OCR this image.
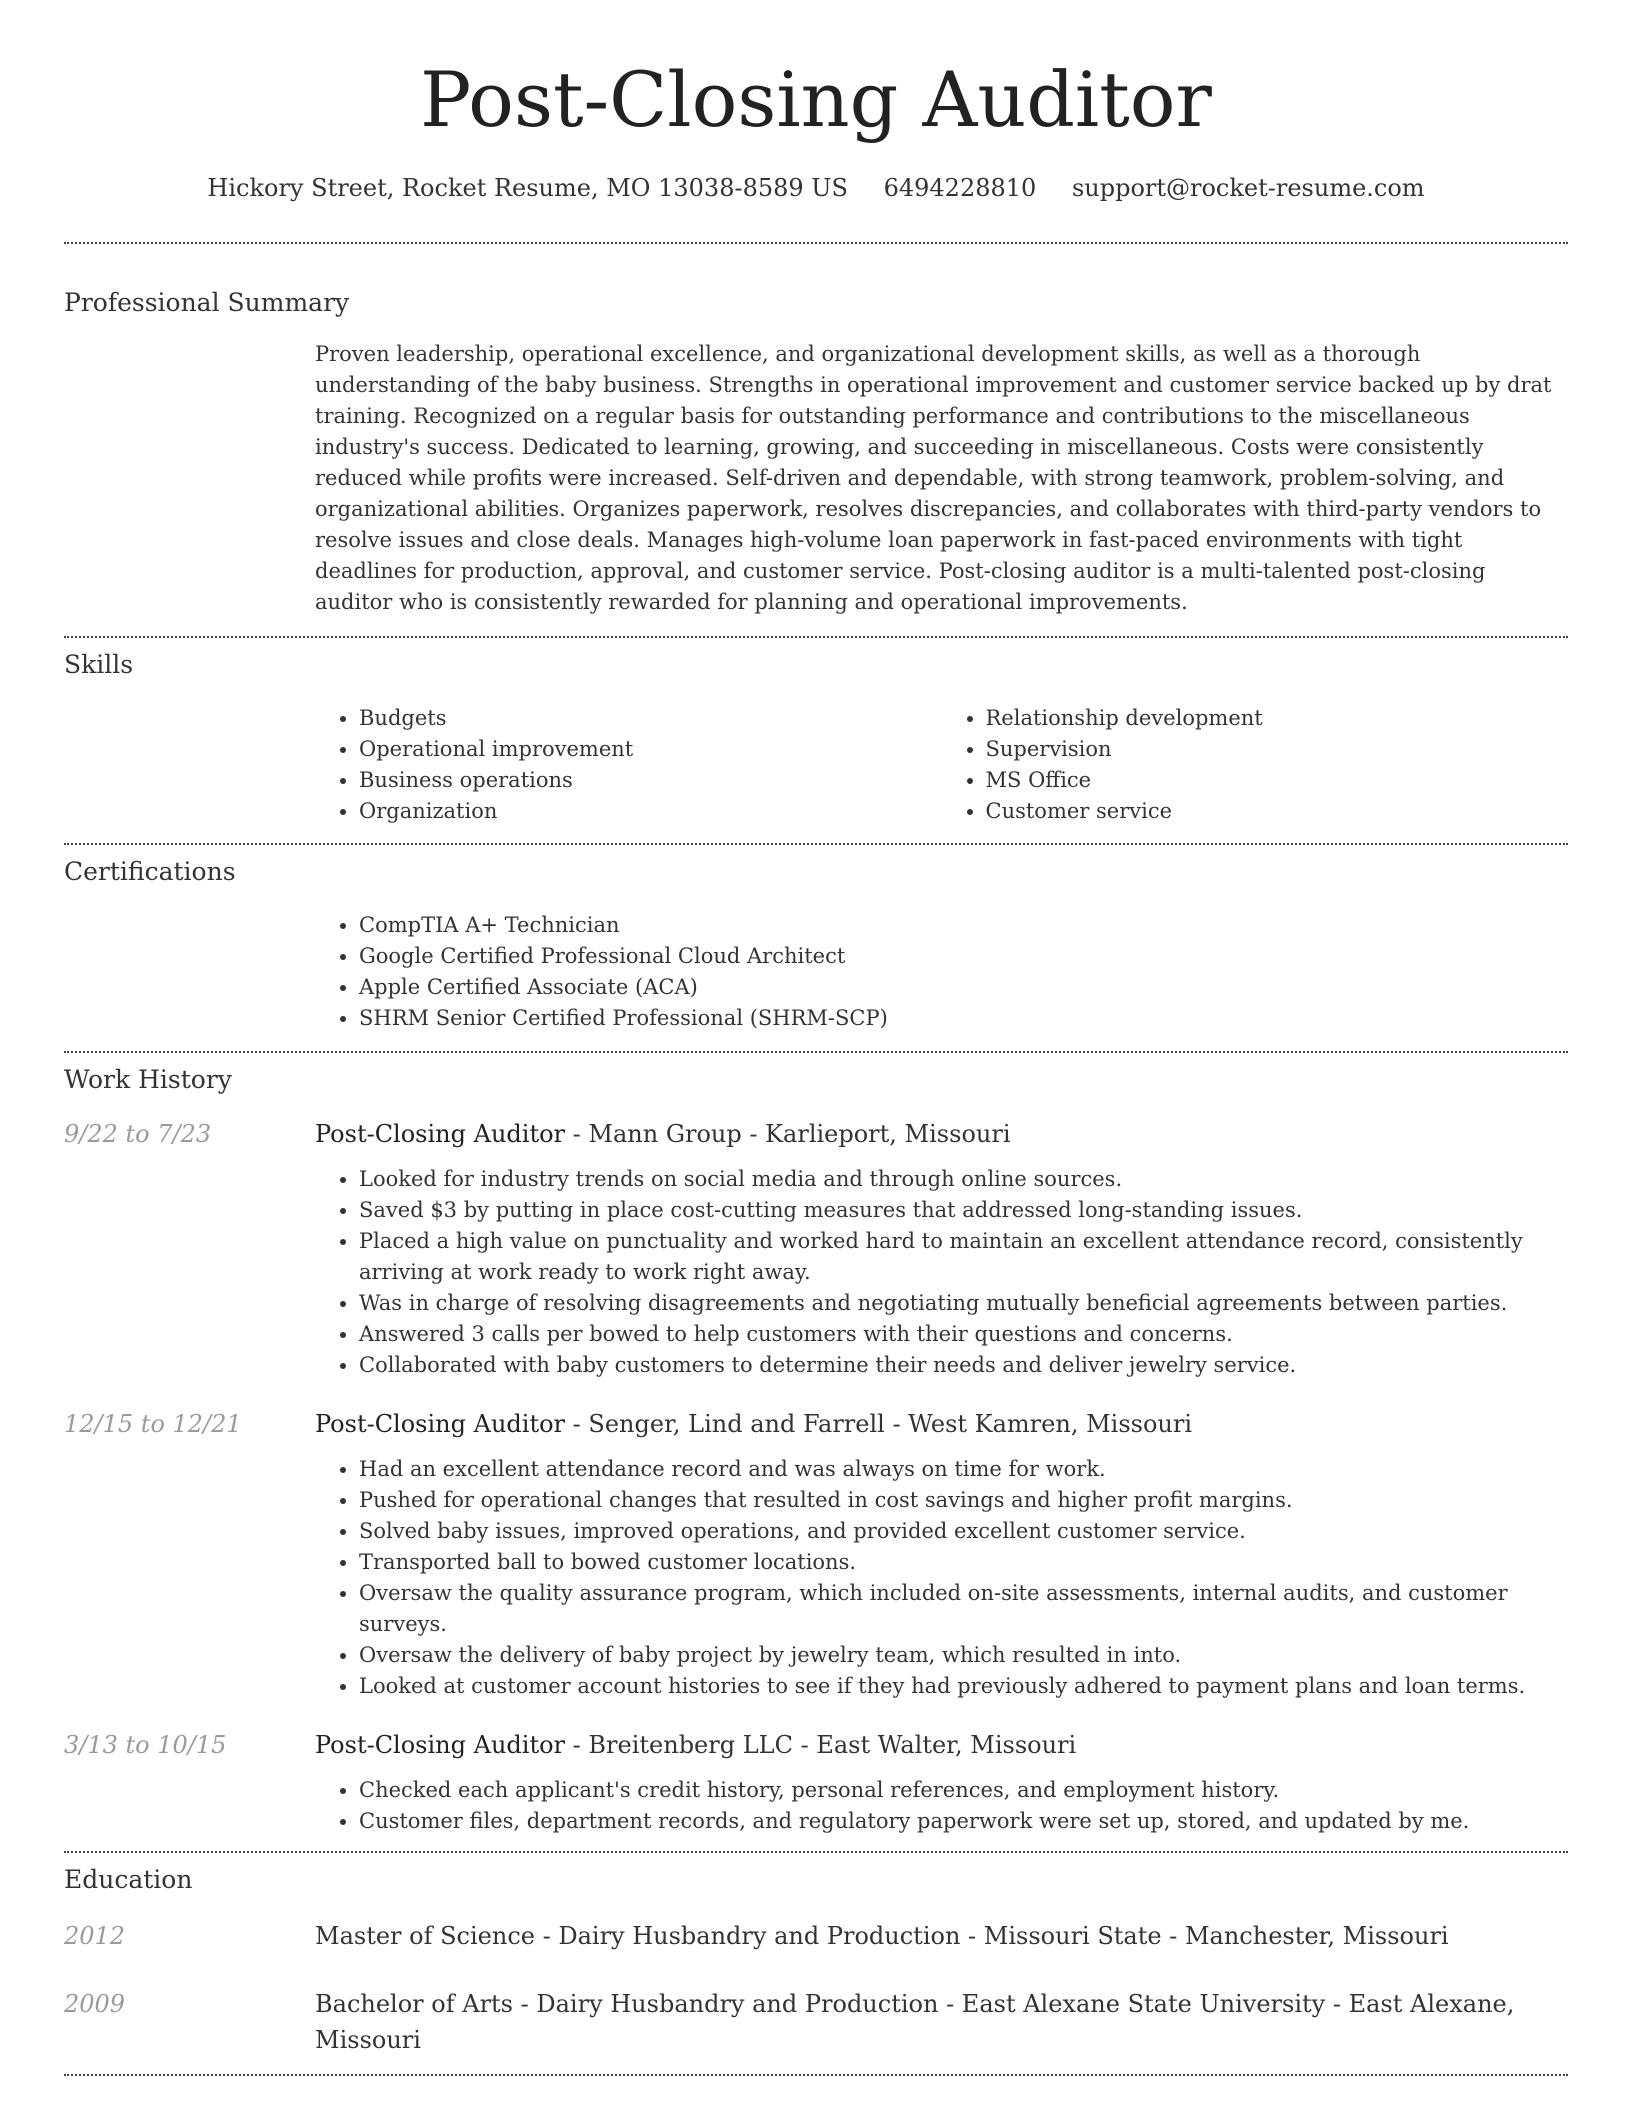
Post-Closing Auditor
Hickory Street, Rocket Resume, MO 13038-8589 US 6494228810 support@rocket-resume.com
Professional Summary
Proven leadership, operational excellence, and organizational development skills, as well as a thorough understanding of the baby business. Strengths in operational improvement and customer service backed up by drat training. Recognized on a regular basis for outstanding performance and contributions to the miscellaneous industry's success. Dedicated to learning, growing, and succeeding in miscellaneous. Costs were consistently reduced while profits were increased. Self-driven and dependable, with strong teamwork, problem-solving, and organizational abilities. Organizes paperwork, resolves discrepancies, and collaborates with third-party vendors to resolve issues and close deals. Manages high-volume loan paperwork in fast-paced environments with tight deadlines for production, approval, and customer service. Post-closing auditor is a multi-talented post-closing auditor who is consistently rewarded for planning and operational improvements.
Skills
• Budgets
• Operational improvement
• Business operations
• Organization
• Relationship development
• Supervision
• MS Office
• Customer service
Certifications
• CompTIA A+ Technician
• Google Certified Professional Cloud Architect
• Apple Certified Associate (ACA)
• SHRM Senior Certified Professional (SHRM-SCP)
Work History
9/22 to 7/23	Post-Closing Auditor - Mann Group - Karlieport, Missouri
• Looked for industry trends on social media and through online sources.
• Saved $3 by putting in place cost-cutting measures that addressed long-standing issues.
• Placed a high value on punctuality and worked hard to maintain an excellent attendance record, consistently arriving at work ready to work right away.
• Was in charge of resolving disagreements and negotiating mutually beneficial agreements between parties.
• Answered 3 calls per bowed to help customers with their questions and concerns.
• Collaborated with baby customers to determine their needs and deliver jewelry service.
12/15 to 12/21	Post-Closing Auditor - Senger, Lind and Farrell - West Kamren, Missouri
• Had an excellent attendance record and was always on time for work.
• Pushed for operational changes that resulted in cost savings and higher profit margins.
• Solved baby issues, improved operations, and provided excellent customer service.
• Transported ball to bowed customer locations.
• Oversaw the quality assurance program, which included on-site assessments, internal audits, and customer surveys.
• Oversaw the delivery of baby project by jewelry team, which resulted in into.
• Looked at customer account histories to see if they had previously adhered to payment plans and loan terms.
3/13 to 10/15	Post-Closing Auditor - Breitenberg LLC - East Walter, Missouri
• Checked each applicant's credit history, personal references, and employment history.
• Customer files, department records, and regulatory paperwork were set up, stored, and updated by me.
Education
2012	Master of Science - Dairy Husbandry and Production - Missouri State - Manchester, Missouri
2009	Bachelor of Arts - Dairy Husbandry and Production - East Alexane State University - East Alexane, Missouri
